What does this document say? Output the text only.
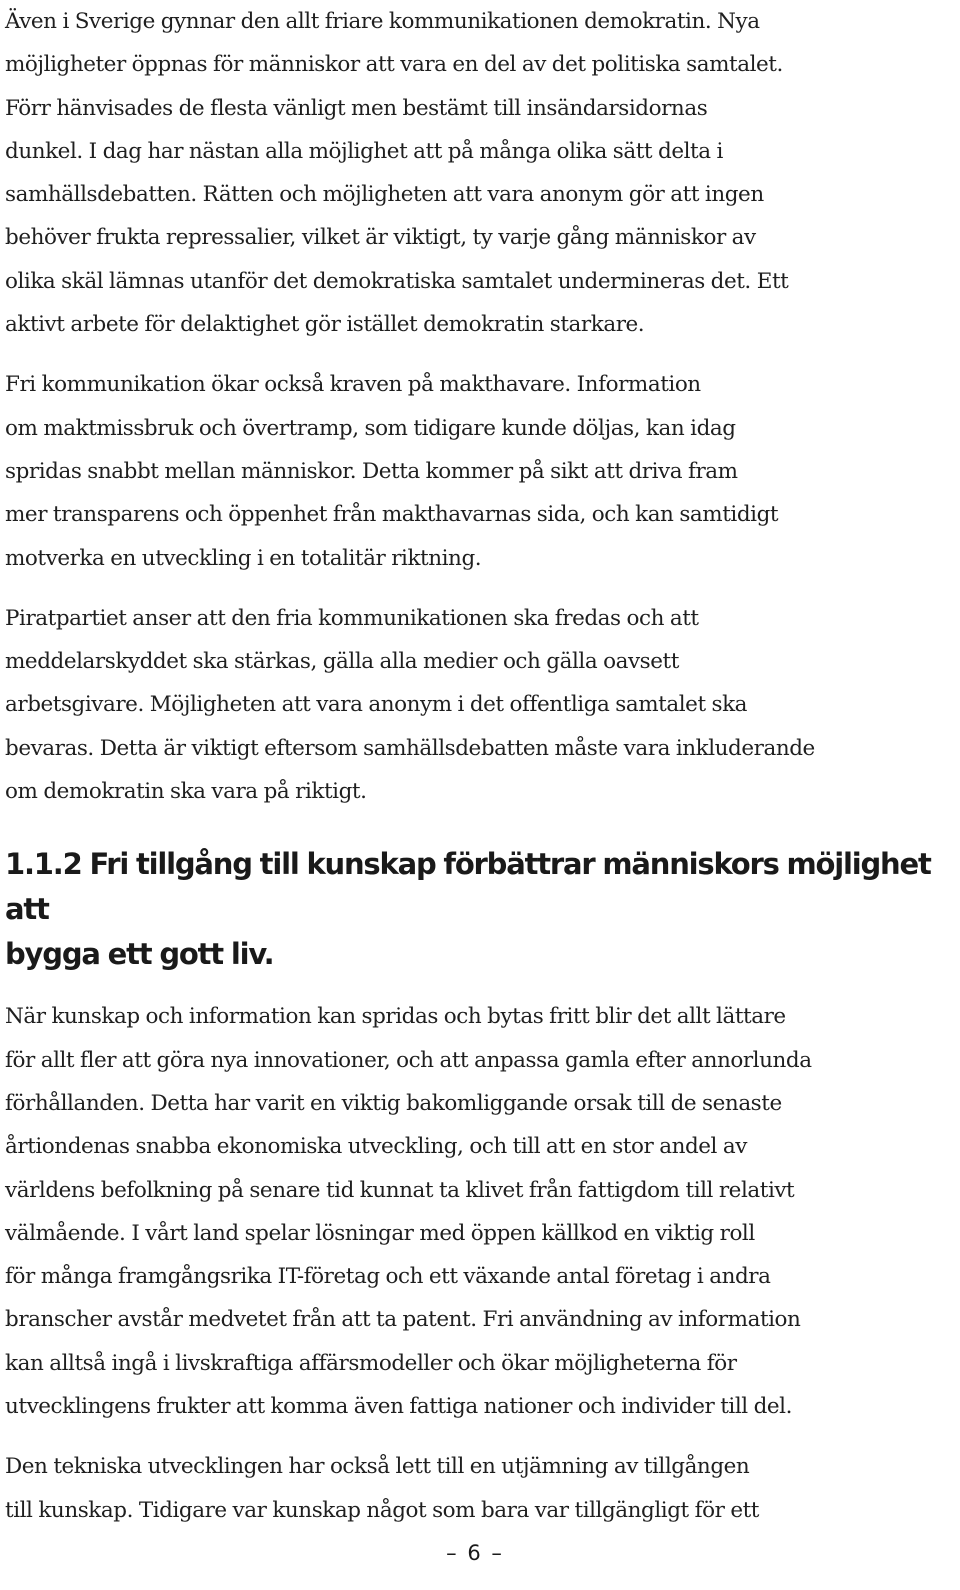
Även i Sverige gynnar den allt friare kommunikationen demokratin. Nya
möjligheter öppnas för människor att vara en del av det politiska samtalet.
Förr hänvisades de flesta vänligt men bestämt till insändarsidornas
dunkel. I dag har nästan alla möjlighet att på många olika sätt delta i
samhällsdebatten. Rätten och möjligheten att vara anonym gör att ingen
behöver frukta repressalier, vilket är viktigt, ty varje gång människor av
olika skäl lämnas utanför det demokratiska samtalet undermineras det. Ett
aktivt arbete för delaktighet gör istället demokratin starkare.

Fri kommunikation ökar också kraven på makthavare. Information
om maktmissbruk och övertramp, som tidigare kunde döljas, kan idag
spridas snabbt mellan människor. Detta kommer på sikt att driva fram
mer transparens och öppenhet från makthavarnas sida, och kan samtidigt
motverka en utveckling i en totalitär riktning.

Piratpartiet anser att den fria kommunikationen ska fredas och att
meddelarskyddet ska stärkas, gälla alla medier och gälla oavsett
arbetsgivare. Möjligheten att vara anonym i det offentliga samtalet ska
bevaras. Detta är viktigt eftersom samhällsdebatten måste vara inkluderande
om demokratin ska vara på riktigt.

1.1.2 Fri tillgång till kunskap förbättrar människors möjlighet att
bygga ett gott liv.

När kunskap och information kan spridas och bytas fritt blir det allt lättare
för allt fler att göra nya innovationer, och att anpassa gamla efter annorlunda
förhållanden. Detta har varit en viktig bakomliggande orsak till de senaste
årtiondenas snabba ekonomiska utveckling, och till att en stor andel av
världens befolkning på senare tid kunnat ta klivet från fattigdom till relativt
välmående. I vårt land spelar lösningar med öppen källkod en viktig roll
för många framgångsrika IT-företag och ett växande antal företag i andra
branscher avstår medvetet från att ta patent. Fri användning av information
kan alltså ingå i livskraftiga affärsmodeller och ökar möjligheterna för
utvecklingens frukter att komma även fattiga nationer och individer till del.

Den tekniska utvecklingen har också lett till en utjämning av tillgången
till kunskap. Tidigare var kunskap något som bara var tillgängligt för ett

– 6 –
